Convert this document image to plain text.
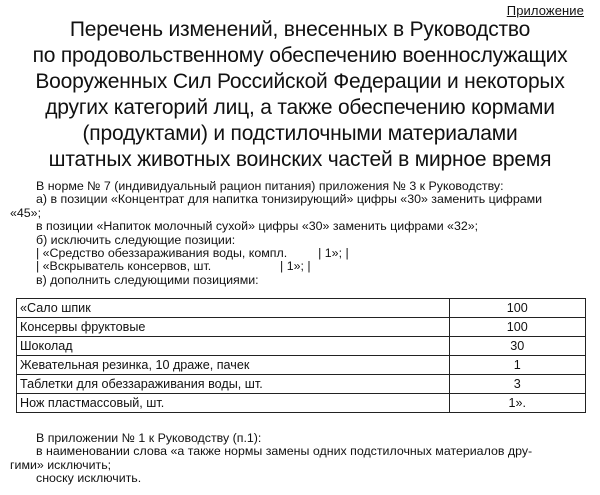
Приложение
Перечень изменений, внесенных в Руководство
по продовольственному обеспечению военнослужащих
Вооруженных Сил Российской Федерации и некоторых
других категорий лиц, а также обеспечению кормами
(продуктами) и подстилочными материалами
штатных животных воинских частей в мирное время
В норме № 7 (индивидуальный рацион питания) приложения № 3 к Руководству:
а) в позиции «Концентрат для напитка тонизирующий» цифры «30» заменить цифрами
«45»;
в позиции «Напиток молочный сухой» цифры «30» заменить цифрами «32»;
б) исключить следующие позиции:
| «Средство обеззараживания воды, компл.         | 1»; |
| «Вскрыватель консервов, шт.                    | 1»; |
в) дополнить следующими позициями:
«Сало шпик	100
Консервы фруктовые	100
Шоколад	30
Жевательная резинка, 10 драже, пачек	1
Таблетки для обеззараживания воды, шт.	3
Нож пластмассовый, шт.	1».
В приложении № 1 к Руководству (п.1):
в наименовании слова «а также нормы замены одних подстилочных материалов дру-
гими» исключить;
сноску исключить.
